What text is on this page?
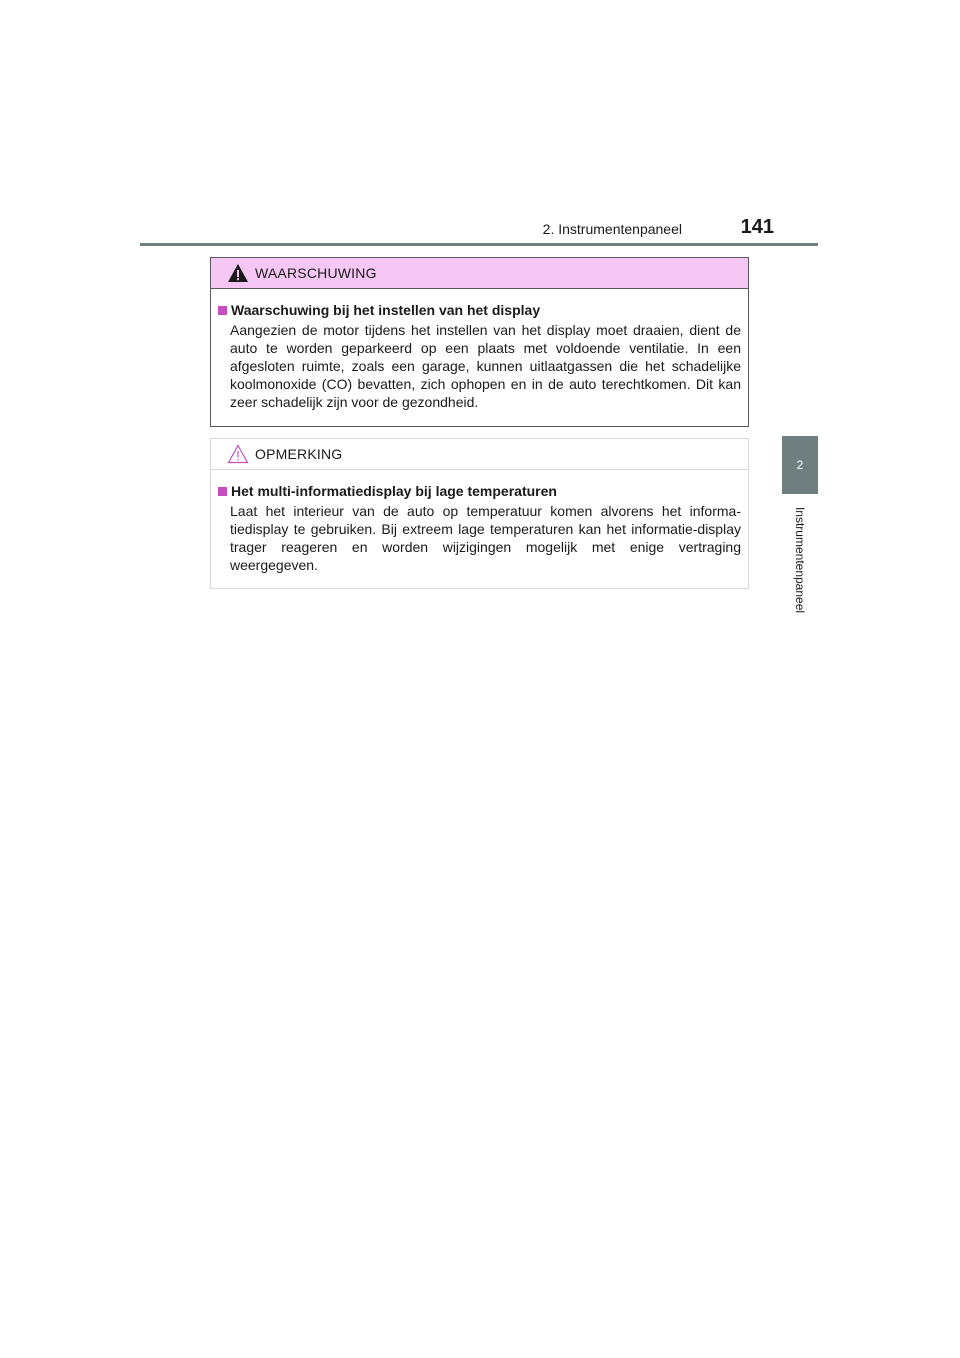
2. Instrumentenpaneel	141
2
Instrumentenpaneel
WAARSCHUWING
Waarschuwing bij het instellen van het display
Aangezien de motor tijdens het instellen van het display moet draaien, dient de auto te worden geparkeerd op een plaats met voldoende ventilatie. In een afgesloten ruimte, zoals een garage, kunnen uitlaatgassen die het schadelijke koolmonoxide (CO) bevatten, zich ophopen en in de auto terechtkomen. Dit kan zeer schadelijk zijn voor de gezondheid.
OPMERKING
Het multi-informatiedisplay bij lage temperaturen
Laat het interieur van de auto op temperatuur komen alvorens het informa-tiedisplay te gebruiken. Bij extreem lage temperaturen kan het informatie-display trager reageren en worden wijzigingen mogelijk met enige vertraging weergegeven.
